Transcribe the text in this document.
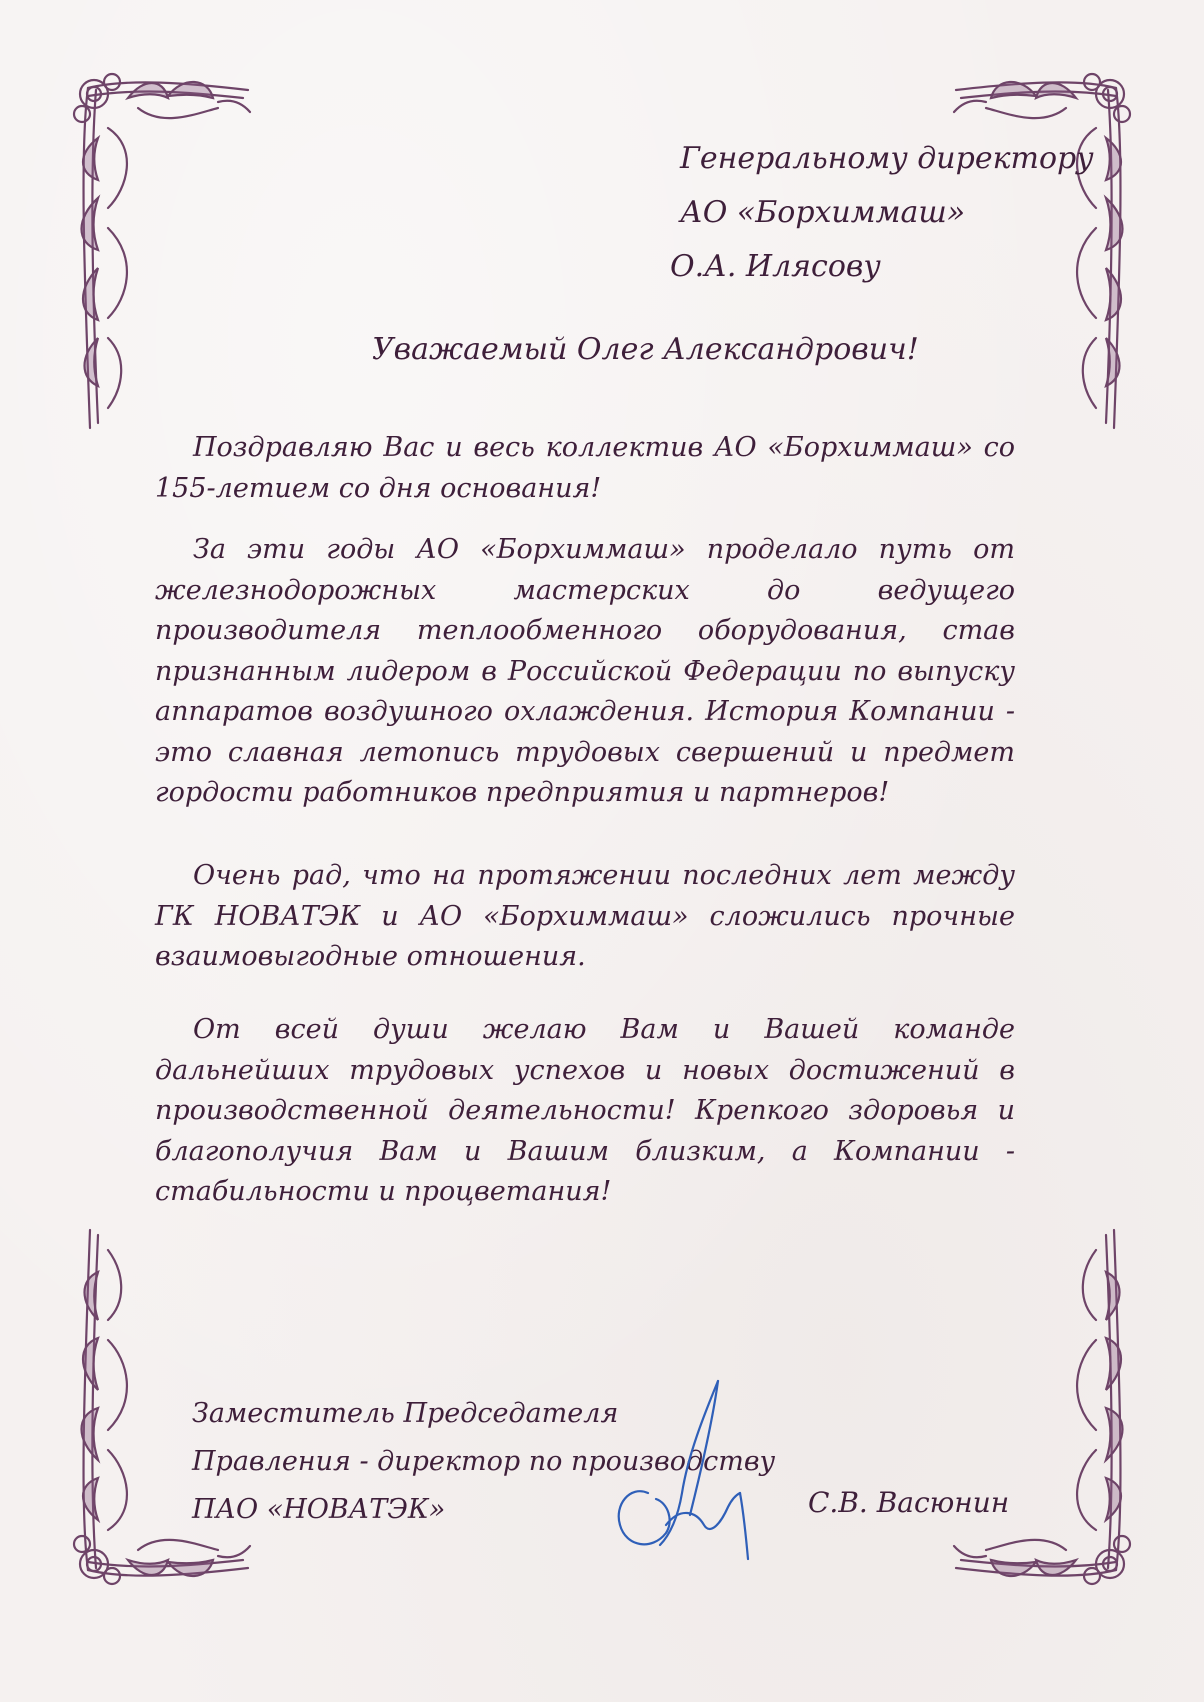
Генеральному директору
АО «Борхиммаш»
О.А. Илясову
Уважаемый Олег Александрович!
Поздравляю Вас и весь коллектив АО «Борхиммаш» со 155-летием со дня основания!
За эти годы АО «Борхиммаш» проделало путь от железнодорожных мастерских до ведущего производителя теплообменного оборудования, став признанным лидером в Российской Федерации по выпуску аппаратов воздушного охлаждения. История Компании - это славная летопись трудовых свершений и предмет гордости работников предприятия и партнеров!
Очень рад, что на протяжении последних лет между ГК НОВАТЭК и АО «Борхиммаш» сложились прочные взаимовыгодные отношения.
От всей души желаю Вам и Вашей команде дальнейших трудовых успехов и новых достижений в производственной деятельности! Крепкого здоровья и благополучия Вам и Вашим близким, а Компании - стабильности и процветания!
Заместитель Председателя
Правления - директор по производству
ПАО «НОВАТЭК»	С.В. Васюнин
